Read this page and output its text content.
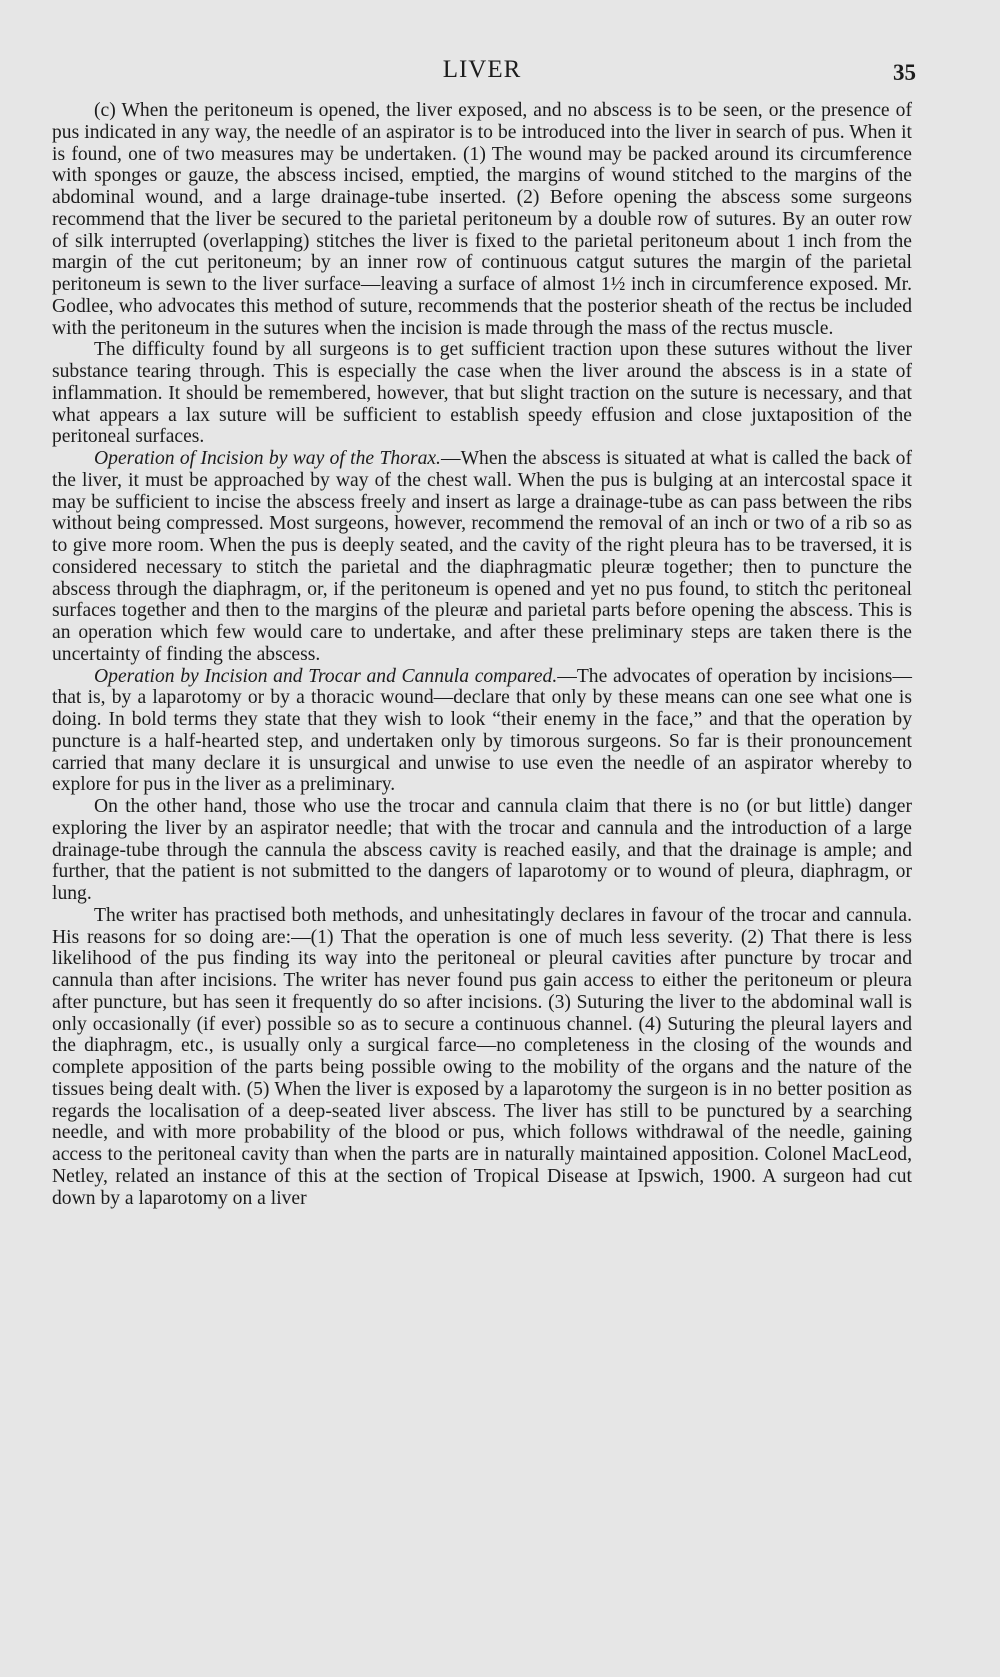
LIVER	35

(c) When the peritoneum is opened, the liver exposed, and no abscess is to be seen, or the presence of pus indicated in any way, the needle of an aspirator is to be introduced into the liver in search of pus. When it is found, one of two measures may be undertaken. (1) The wound may be packed around its circumference with sponges or gauze, the abscess incised, emptied, the margins of wound stitched to the margins of the abdominal wound, and a large drainage-tube inserted. (2) Before opening the abscess some surgeons recommend that the liver be secured to the parietal peritoneum by a double row of sutures. By an outer row of silk interrupted (overlapping) stitches the liver is fixed to the parietal peritoneum about 1 inch from the margin of the cut peritoneum; by an inner row of continuous catgut sutures the margin of the parietal peritoneum is sewn to the liver surface—leaving a surface of almost 1½ inch in circumference exposed. Mr. Godlee, who advocates this method of suture, recommends that the posterior sheath of the rectus be included with the peritoneum in the sutures when the incision is made through the mass of the rectus muscle.

The difficulty found by all surgeons is to get sufficient traction upon these sutures without the liver substance tearing through. This is especially the case when the liver around the abscess is in a state of inflammation. It should be remembered, however, that but slight traction on the suture is necessary, and that what appears a lax suture will be sufficient to establish speedy effusion and close juxtaposition of the peritoneal surfaces.

Operation of Incision by way of the Thorax.—When the abscess is situated at what is called the back of the liver, it must be approached by way of the chest wall. When the pus is bulging at an intercostal space it may be sufficient to incise the abscess freely and insert as large a drainage-tube as can pass between the ribs without being compressed. Most surgeons, however, recommend the removal of an inch or two of a rib so as to give more room. When the pus is deeply seated, and the cavity of the right pleura has to be traversed, it is considered necessary to stitch the parietal and the diaphragmatic pleuræ together; then to puncture the abscess through the diaphragm, or, if the peritoneum is opened and yet no pus found, to stitch thc peritoneal surfaces together and then to the margins of the pleuræ and parietal parts before opening the abscess. This is an operation which few would care to undertake, and after these preliminary steps are taken there is the uncertainty of finding the abscess.

Operation by Incision and Trocar and Cannula compared.—The advocates of operation by incisions—that is, by a laparotomy or by a thoracic wound—declare that only by these means can one see what one is doing. In bold terms they state that they wish to look “their enemy in the face,” and that the operation by puncture is a half-hearted step, and undertaken only by timorous surgeons. So far is their pronouncement carried that many declare it is unsurgical and unwise to use even the needle of an aspirator whereby to explore for pus in the liver as a preliminary.

On the other hand, those who use the trocar and cannula claim that there is no (or but little) danger exploring the liver by an aspirator needle; that with the trocar and cannula and the introduction of a large drainage-tube through the cannula the abscess cavity is reached easily, and that the drainage is ample; and further, that the patient is not submitted to the dangers of laparotomy or to wound of pleura, diaphragm, or lung.

The writer has practised both methods, and unhesitatingly declares in favour of the trocar and cannula. His reasons for so doing are:—(1) That the operation is one of much less severity. (2) That there is less likelihood of the pus finding its way into the peritoneal or pleural cavities after puncture by trocar and cannula than after incisions. The writer has never found pus gain access to either the peritoneum or pleura after puncture, but has seen it frequently do so after incisions. (3) Suturing the liver to the abdominal wall is only occasionally (if ever) possible so as to secure a continuous channel. (4) Suturing the pleural layers and the diaphragm, etc., is usually only a surgical farce—no completeness in the closing of the wounds and complete apposition of the parts being possible owing to the mobility of the organs and the nature of the tissues being dealt with. (5) When the liver is exposed by a laparotomy the surgeon is in no better position as regards the localisation of a deep-seated liver abscess. The liver has still to be punctured by a searching needle, and with more probability of the blood or pus, which follows withdrawal of the needle, gaining access to the peritoneal cavity than when the parts are in naturally maintained apposition. Colonel MacLeod, Netley, related an instance of this at the section of Tropical Disease at Ipswich, 1900. A surgeon had cut down by a laparotomy on a liver
